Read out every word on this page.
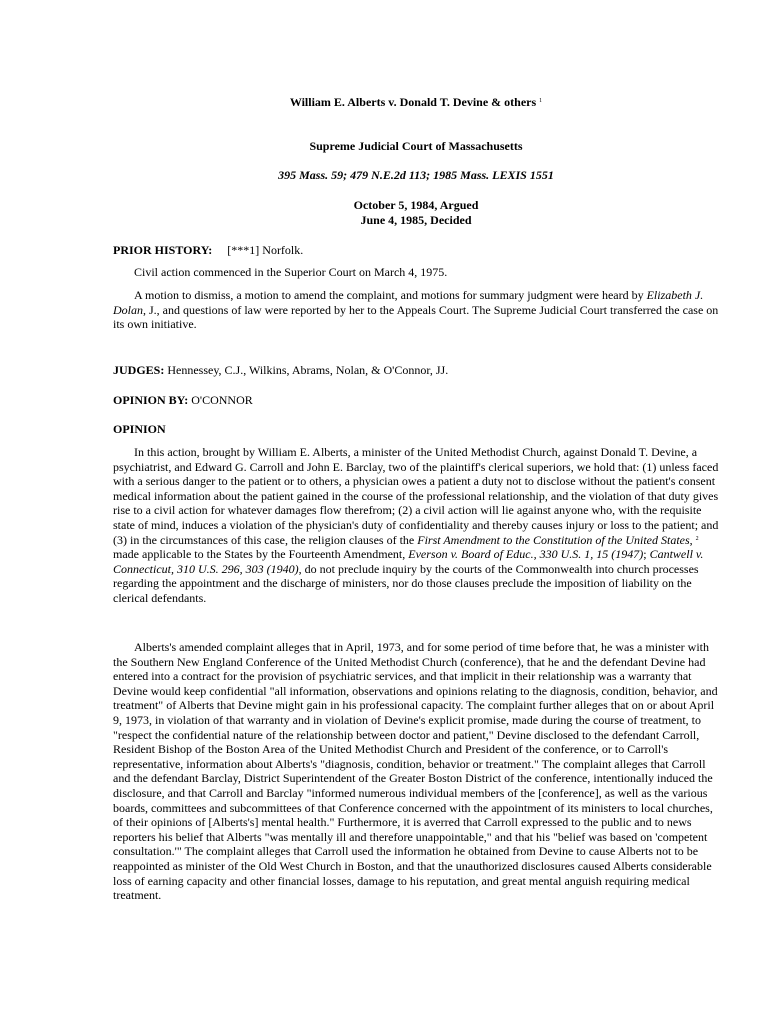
William E. Alberts v. Donald T. Devine & others $^1$
Supreme Judicial Court of Massachusetts
395 Mass. 59; 479 N.E.2d 113; 1985 Mass. LEXIS 1551
October 5, 1984, Argued
June 4, 1985, Decided

PRIOR HISTORY: [***1] Norfolk.

Civil action commenced in the Superior Court on March 4, 1975.

A motion to dismiss, a motion to amend the complaint, and motions for summary judgment were heard by Elizabeth J. Dolan, J., and questions of law were reported by her to the Appeals Court. The Supreme Judicial Court transferred the case on its own initiative.

JUDGES: Hennessey, C.J., Wilkins, Abrams, Nolan, & O'Connor, JJ.

OPINION BY: O'CONNOR

OPINION

In this action, brought by William E. Alberts, a minister of the United Methodist Church, against Donald T. Devine, a psychiatrist, and Edward G. Carroll and John E. Barclay, two of the plaintiff's clerical superiors, we hold that: (1) unless faced with a serious danger to the patient or to others, a physician owes a patient a duty not to disclose without the patient's consent medical information about the patient gained in the course of the professional relationship, and the violation of that duty gives rise to a civil action for whatever damages flow therefrom; (2) a civil action will lie against anyone who, with the requisite state of mind, induces a violation of the physician's duty of confidentiality and thereby causes injury or loss to the patient; and (3) in the circumstances of this case, the religion clauses of the First Amendment to the Constitution of the United States, $^2$ made applicable to the States by the Fourteenth Amendment, Everson v. Board of Educ., 330 U.S. 1, 15 (1947); Cantwell v. Connecticut, 310 U.S. 296, 303 (1940), do not preclude inquiry by the courts of the Commonwealth into church processes regarding the appointment and the discharge of ministers, nor do those clauses preclude the imposition of liability on the clerical defendants.

Alberts's amended complaint alleges that in April, 1973, and for some period of time before that, he was a minister with the Southern New England Conference of the United Methodist Church (conference), that he and the defendant Devine had entered into a contract for the provision of psychiatric services, and that implicit in their relationship was a warranty that Devine would keep confidential "all information, observations and opinions relating to the diagnosis, condition, behavior, and treatment" of Alberts that Devine might gain in his professional capacity. The complaint further alleges that on or about April 9, 1973, in violation of that warranty and in violation of Devine's explicit promise, made during the course of treatment, to "respect the confidential nature of the relationship between doctor and patient," Devine disclosed to the defendant Carroll, Resident Bishop of the Boston Area of the United Methodist Church and President of the conference, or to Carroll's representative, information about Alberts's "diagnosis, condition, behavior or treatment." The complaint alleges that Carroll and the defendant Barclay, District Superintendent of the Greater Boston District of the conference, intentionally induced the disclosure, and that Carroll and Barclay "informed numerous individual members of the [conference], as well as the various boards, committees and subcommittees of that Conference concerned with the appointment of its ministers to local churches, of their opinions of [Alberts's] mental health." Furthermore, it is averred that Carroll expressed to the public and to news reporters his belief that Alberts "was mentally ill and therefore unappointable," and that his "belief was based on 'competent consultation.'" The complaint alleges that Carroll used the information he obtained from Devine to cause Alberts not to be reappointed as minister of the Old West Church in Boston, and that the unauthorized disclosures caused Alberts considerable loss of earning capacity and other financial losses, damage to his reputation, and great mental anguish requiring medical treatment.
